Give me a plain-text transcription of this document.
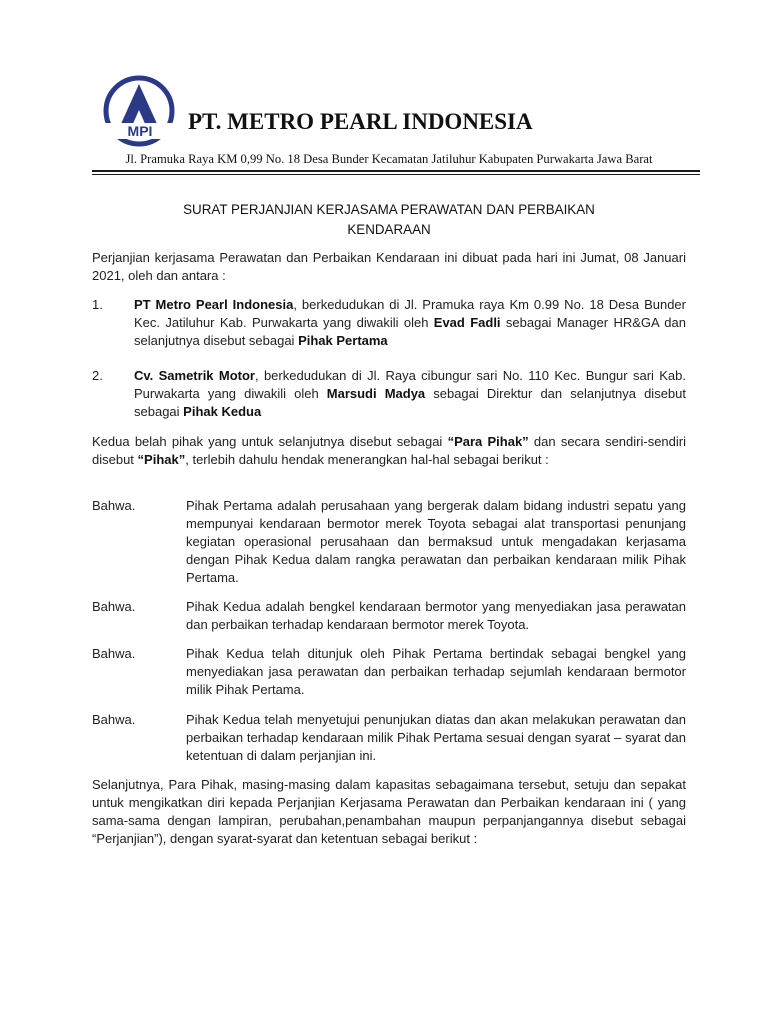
MPI PT. METRO PEARL INDONESIA
Jl. Pramuka Raya KM 0,99 No. 18 Desa Bunder Kecamatan Jatiluhur Kabupaten Purwakarta Jawa Barat
SURAT PERJANJIAN KERJASAMA PERAWATAN DAN PERBAIKAN
KENDARAAN
Perjanjian kerjasama Perawatan dan Perbaikan Kendaraan ini dibuat pada hari ini Jumat, 08 Januari 2021, oleh dan antara :
1. PT Metro Pearl Indonesia, berkedudukan di Jl. Pramuka raya Km 0.99 No. 18 Desa Bunder Kec. Jatiluhur Kab. Purwakarta yang diwakili oleh Evad Fadli sebagai Manager HR&GA dan selanjutnya disebut sebagai Pihak Pertama
2. Cv. Sametrik Motor, berkedudukan di Jl. Raya cibungur sari No. 110 Kec. Bungur sari Kab. Purwakarta yang diwakili oleh Marsudi Madya sebagai Direktur dan selanjutnya disebut sebagai Pihak Kedua
Kedua belah pihak yang untuk selanjutnya disebut sebagai “Para Pihak” dan secara sendiri-sendiri disebut “Pihak”, terlebih dahulu hendak menerangkan hal-hal sebagai berikut :
Bahwa.	Pihak Pertama adalah perusahaan yang bergerak dalam bidang industri sepatu yang mempunyai kendaraan bermotor merek Toyota sebagai alat transportasi penunjang kegiatan operasional perusahaan dan bermaksud untuk mengadakan kerjasama dengan Pihak Kedua dalam rangka perawatan dan perbaikan kendaraan milik Pihak Pertama.
Bahwa.	Pihak Kedua adalah bengkel kendaraan bermotor yang menyediakan jasa perawatan dan perbaikan terhadap kendaraan bermotor merek Toyota.
Bahwa.	Pihak Kedua telah ditunjuk oleh Pihak Pertama bertindak sebagai bengkel yang menyediakan jasa perawatan dan perbaikan terhadap sejumlah kendaraan bermotor milik Pihak Pertama.
Bahwa.	Pihak Kedua telah menyetujui penunjukan diatas dan akan melakukan perawatan dan perbaikan terhadap kendaraan milik Pihak Pertama sesuai dengan syarat – syarat dan ketentuan di dalam perjanjian ini.
Selanjutnya, Para Pihak, masing-masing dalam kapasitas sebagaimana tersebut, setuju dan sepakat untuk mengikatkan diri kepada Perjanjian Kerjasama Perawatan dan Perbaikan kendaraan ini ( yang sama-sama dengan lampiran, perubahan,penambahan maupun perpanjangannya disebut sebagai “Perjanjian”), dengan syarat-syarat dan ketentuan sebagai berikut :
